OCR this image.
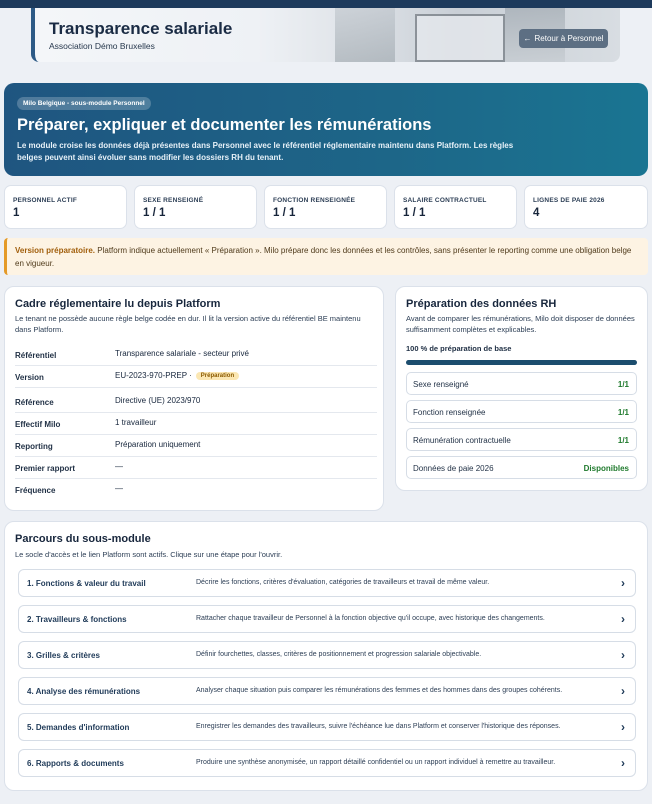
Transparence salariale
Association Démo Bruxelles
← Retour à Personnel
Milo Belgique - sous-module Personnel
Préparer, expliquer et documenter les rémunérations
Le module croise les données déjà présentes dans Personnel avec le référentiel réglementaire maintenu dans Platform. Les règles belges peuvent ainsi évoluer sans modifier les dossiers RH du tenant.
PERSONNEL ACTIF
1
SEXE RENSEIGNÉ
1 / 1
FONCTION RENSEIGNÉE
1 / 1
SALAIRE CONTRACTUEL
1 / 1
LIGNES DE PAIE 2026
4
Version préparatoire. Platform indique actuellement « Préparation ». Milo prépare donc les données et les contrôles, sans présenter le reporting comme une obligation belge en vigueur.
Cadre réglementaire lu depuis Platform
Le tenant ne possède aucune règle belge codée en dur. Il lit la version active du référentiel BE maintenu dans Platform.
Référentiel	Transparence salariale - secteur privé
Version	EU-2023-970-PREP ·	Préparation
Référence	Directive (UE) 2023/970
Effectif Milo	1 travailleur
Reporting	Préparation uniquement
Premier rapport	—
Fréquence	—
Préparation des données RH
Avant de comparer les rémunérations, Milo doit disposer de données suffisamment complètes et explicables.
100 % de préparation de base
Sexe renseigné	1/1
Fonction renseignée	1/1
Rémunération contractuelle	1/1
Données de paie 2026	Disponibles
Parcours du sous-module
Le socle d'accès et le lien Platform sont actifs. Clique sur une étape pour l'ouvrir.
1. Fonctions & valeur du travail	Décrire les fonctions, critères d'évaluation, catégories de travailleurs et travail de même valeur.	›
2. Travailleurs & fonctions	Rattacher chaque travailleur de Personnel à la fonction objective qu'il occupe, avec historique des changements.	›
3. Grilles & critères	Définir fourchettes, classes, critères de positionnement et progression salariale objectivable.	›
4. Analyse des rémunérations	Analyser chaque situation puis comparer les rémunérations des femmes et des hommes dans des groupes cohérents.	›
5. Demandes d'information	Enregistrer les demandes des travailleurs, suivre l'échéance lue dans Platform et conserver l'historique des réponses.	›
6. Rapports & documents	Produire une synthèse anonymisée, un rapport détaillé confidentiel ou un rapport individuel à remettre au travailleur.	›
